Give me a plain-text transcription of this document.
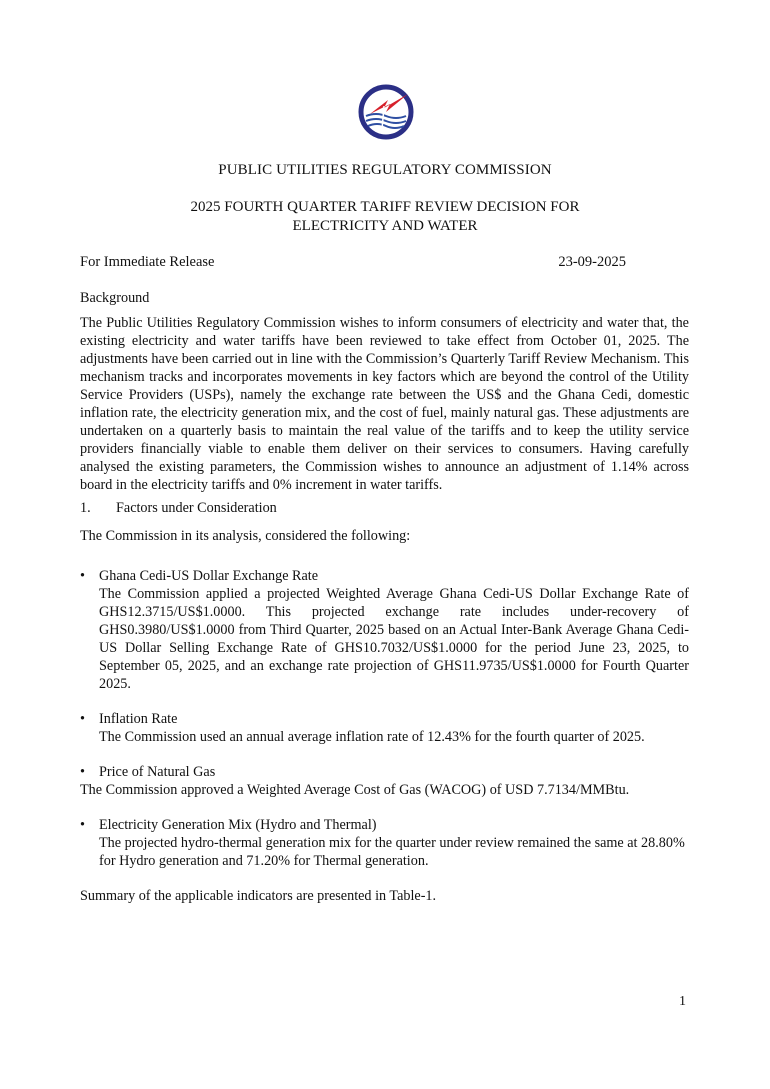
PUBLIC UTILITIES REGULATORY COMMISSION
2025 FOURTH QUARTER TARIFF REVIEW DECISION FOR
ELECTRICITY AND WATER
For Immediate Release	23-09-2025
Background
The Public Utilities Regulatory Commission wishes to inform consumers of electricity and water that, the existing electricity and water tariffs have been reviewed to take effect from October 01, 2025. The adjustments have been carried out in line with the Commission’s Quarterly Tariff Review Mechanism. This mechanism tracks and incorporates movements in key factors which are beyond the control of the Utility Service Providers (USPs), namely the exchange rate between the US$ and the Ghana Cedi, domestic inflation rate, the electricity generation mix, and the cost of fuel, mainly natural gas. These adjustments are undertaken on a quarterly basis to maintain the real value of the tariffs and to keep the utility service providers financially viable to enable them deliver on their services to consumers. Having carefully analysed the existing parameters, the Commission wishes to announce an adjustment of 1.14% across board in the electricity tariffs and 0% increment in water tariffs.
1. Factors under Consideration
The Commission in its analysis, considered the following:
• Ghana Cedi-US Dollar Exchange Rate
The Commission applied a projected Weighted Average Ghana Cedi-US Dollar Exchange Rate of GHS12.3715/US$1.0000. This projected exchange rate includes under-recovery of GHS0.3980/US$1.0000 from Third Quarter, 2025 based on an Actual Inter-Bank Average Ghana Cedi-US Dollar Selling Exchange Rate of GHS10.7032/US$1.0000 for the period June 23, 2025, to September 05, 2025, and an exchange rate projection of GHS11.9735/US$1.0000 for Fourth Quarter 2025.
• Inflation Rate
The Commission used an annual average inflation rate of 12.43% for the fourth quarter of 2025.
• Price of Natural Gas
The Commission approved a Weighted Average Cost of Gas (WACOG) of USD 7.7134/MMBtu.
• Electricity Generation Mix (Hydro and Thermal)
The projected hydro-thermal generation mix for the quarter under review remained the same at 28.80% for Hydro generation and 71.20% for Thermal generation.
Summary of the applicable indicators are presented in Table-1.
1
